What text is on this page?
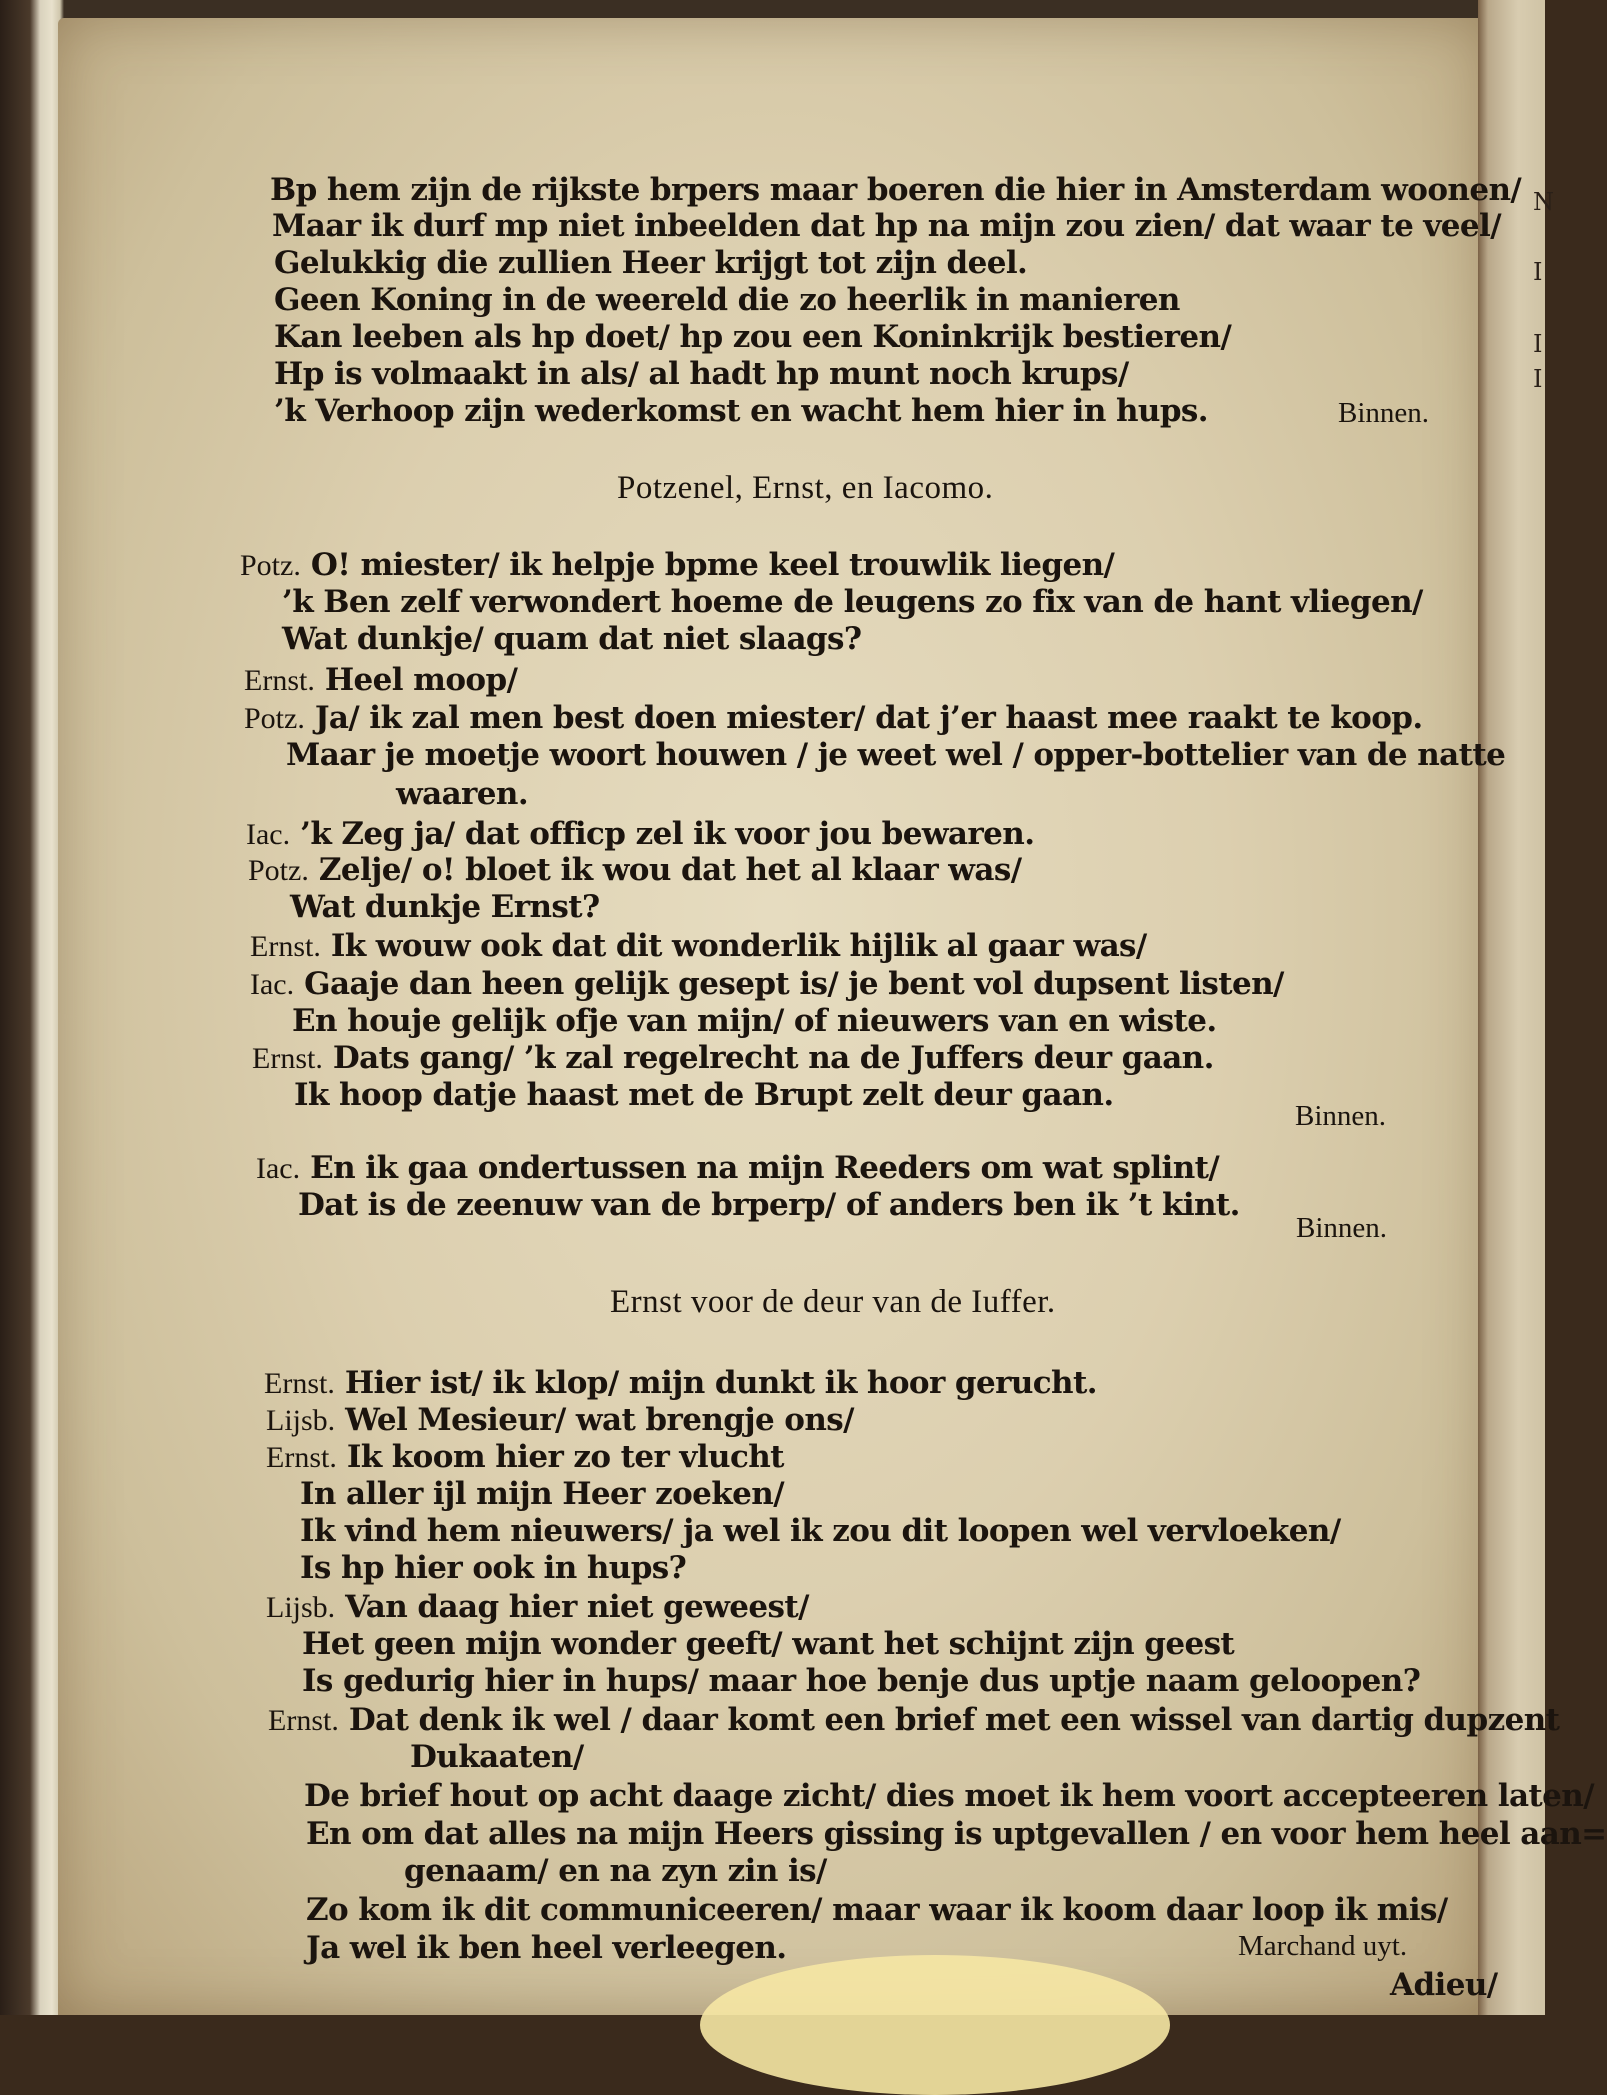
N
I
I
I
Bp hem zijn de rijkste brpers maar boeren die hier in Amsterdam woonen/
Maar ik durf mp niet inbeelden dat hp na mijn zou zien/ dat waar te veel/
Gelukkig die zullien Heer krijgt tot zijn deel.
Geen Koning in de weereld die zo heerlik in manieren
Kan leeben als hp doet/ hp zou een Koninkrijk bestieren/
Hp is volmaakt in als/ al hadt hp munt noch krups/
’k Verhoop zijn wederkomst en wacht hem hier in hups.	Binnen.
Potzenel, Ernst, en Iacomo.
Potz. O! miester/ ik helpje bpme keel trouwlik liegen/
’k Ben zelf verwondert hoeme de leugens zo fix van de hant vliegen/
Wat dunkje/ quam dat niet slaags?
Ernst. Heel moop/
Potz. Ja/ ik zal men best doen miester/ dat j’er haast mee raakt te koop.
Maar je moetje woort houwen / je weet wel / opper-bottelier van de natte
waaren.
Iac. ’k Zeg ja/ dat officp zel ik voor jou bewaren.
Potz. Zelje/ o! bloet ik wou dat het al klaar was/
Wat dunkje Ernst?
Ernst. Ik wouw ook dat dit wonderlik hijlik al gaar was/
Iac. Gaaje dan heen gelijk gesept is/ je bent vol dupsent listen/
En houje gelijk ofje van mijn/ of nieuwers van en wiste.
Ernst. Dats gang/ ’k zal regelrecht na de Juffers deur gaan.
Ik hoop datje haast met de Brupt zelt deur gaan.
Binnen.
Iac. En ik gaa ondertussen na mijn Reeders om wat splint/
Dat is de zeenuw van de brperp/ of anders ben ik ’t kint.
Binnen.
Ernst voor de deur van de Iuffer.
Ernst. Hier ist/ ik klop/ mijn dunkt ik hoor gerucht.
Lijsb. Wel Mesieur/ wat brengje ons/
Ernst. Ik koom hier zo ter vlucht
In aller ijl mijn Heer zoeken/
Ik vind hem nieuwers/ ja wel ik zou dit loopen wel vervloeken/
Is hp hier ook in hups?
Lijsb. Van daag hier niet geweest/
Het geen mijn wonder geeft/ want het schijnt zijn geest
Is gedurig hier in hups/ maar hoe benje dus uptje naam geloopen?
Ernst. Dat denk ik wel / daar komt een brief met een wissel van dartig dupzent
Dukaaten/
De brief hout op acht daage zicht/ dies moet ik hem voort accepteeren laten/
En om dat alles na mijn Heers gissing is uptgevallen / en voor hem heel aan=
genaam/ en na zyn zin is/
Zo kom ik dit communiceeren/ maar waar ik koom daar loop ik mis/
Ja wel ik ben heel verleegen.	Marchand uyt.
Adieu/
